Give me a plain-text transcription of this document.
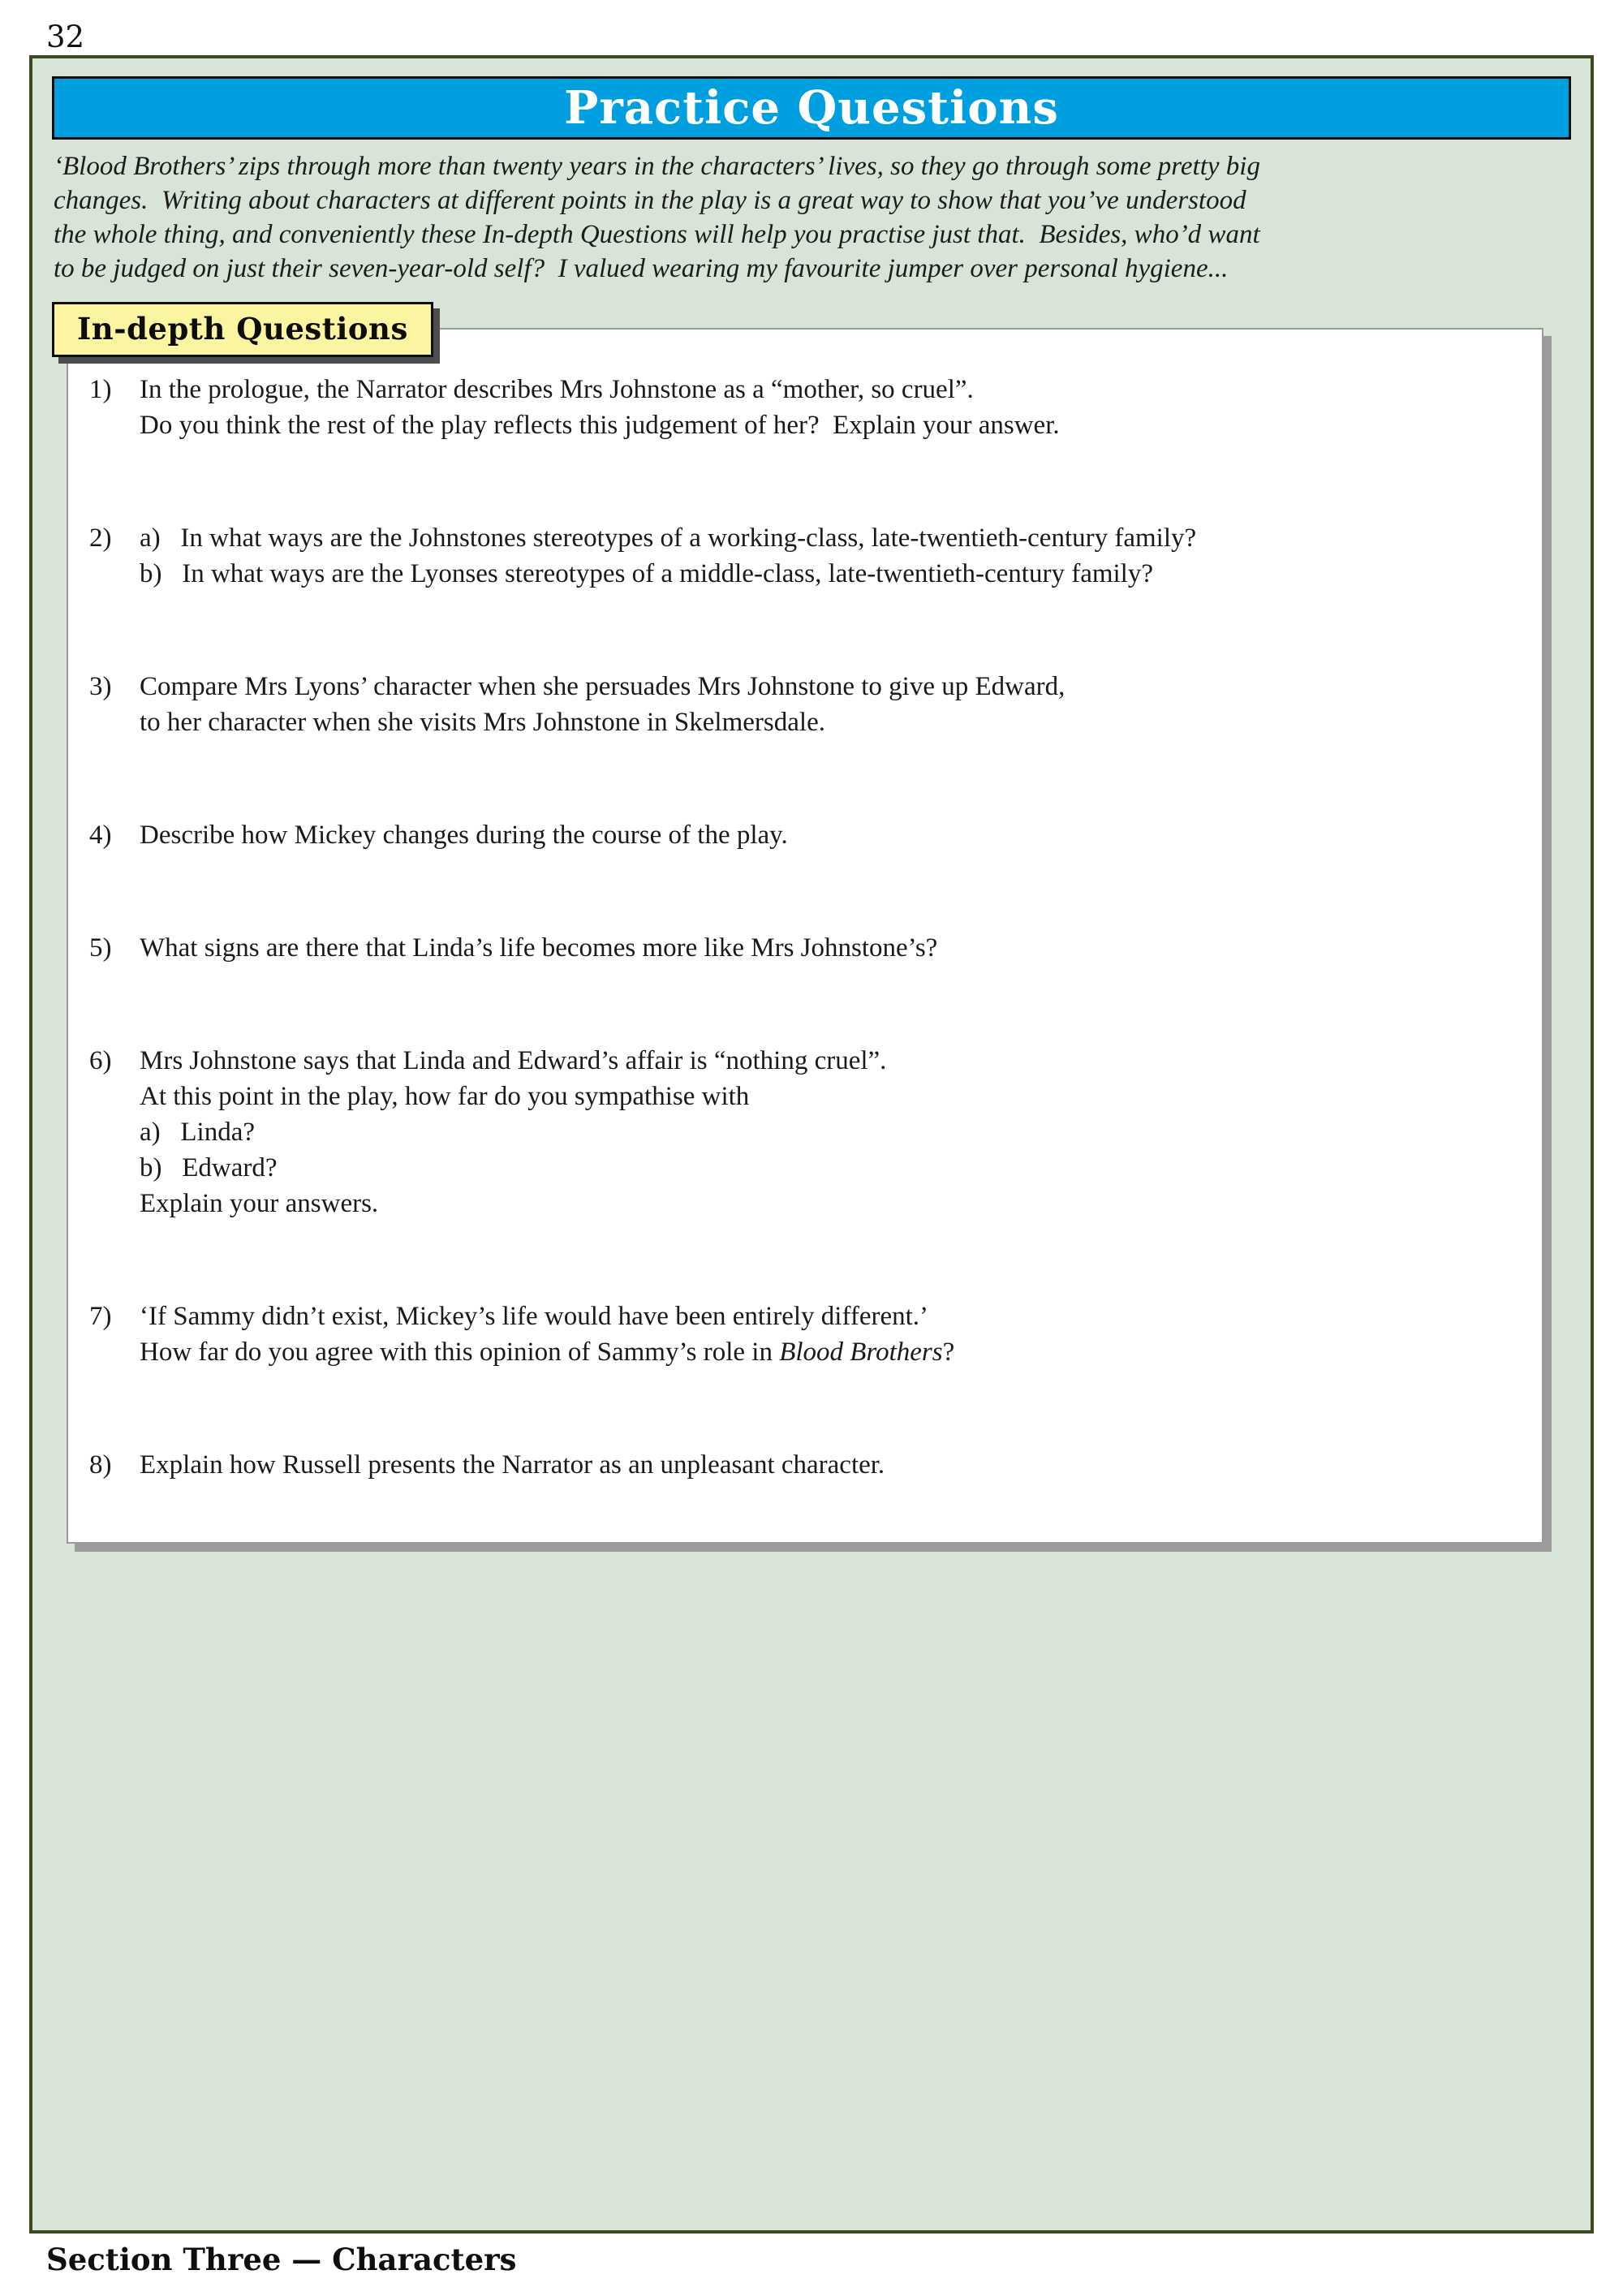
32
Practice Questions
‘Blood Brothers’ zips through more than twenty years in the characters’ lives, so they go through some pretty big
changes.  Writing about characters at different points in the play is a great way to show that you’ve understood
the whole thing, and conveniently these In-depth Questions will help you practise just that.  Besides, who’d want
to be judged on just their seven-year-old self?  I valued wearing my favourite jumper over personal hygiene...
In-depth Questions
1)	In the prologue, the Narrator describes Mrs Johnstone as a “mother, so cruel”.
Do you think the rest of the play reflects this judgement of her?  Explain your answer.
2)	a)   In what ways are the Johnstones stereotypes of a working-class, late-twentieth-century family?
b)   In what ways are the Lyonses stereotypes of a middle-class, late-twentieth-century family?
3)	Compare Mrs Lyons’ character when she persuades Mrs Johnstone to give up Edward,
to her character when she visits Mrs Johnstone in Skelmersdale.
4)	Describe how Mickey changes during the course of the play.
5)	What signs are there that Linda’s life becomes more like Mrs Johnstone’s?
6)	Mrs Johnstone says that Linda and Edward’s affair is “nothing cruel”.
At this point in the play, how far do you sympathise with
a)   Linda?
b)   Edward?
Explain your answers.
7)	‘If Sammy didn’t exist, Mickey’s life would have been entirely different.’
How far do you agree with this opinion of Sammy’s role in Blood Brothers?
8)	Explain how Russell presents the Narrator as an unpleasant character.
Section Three — Characters
